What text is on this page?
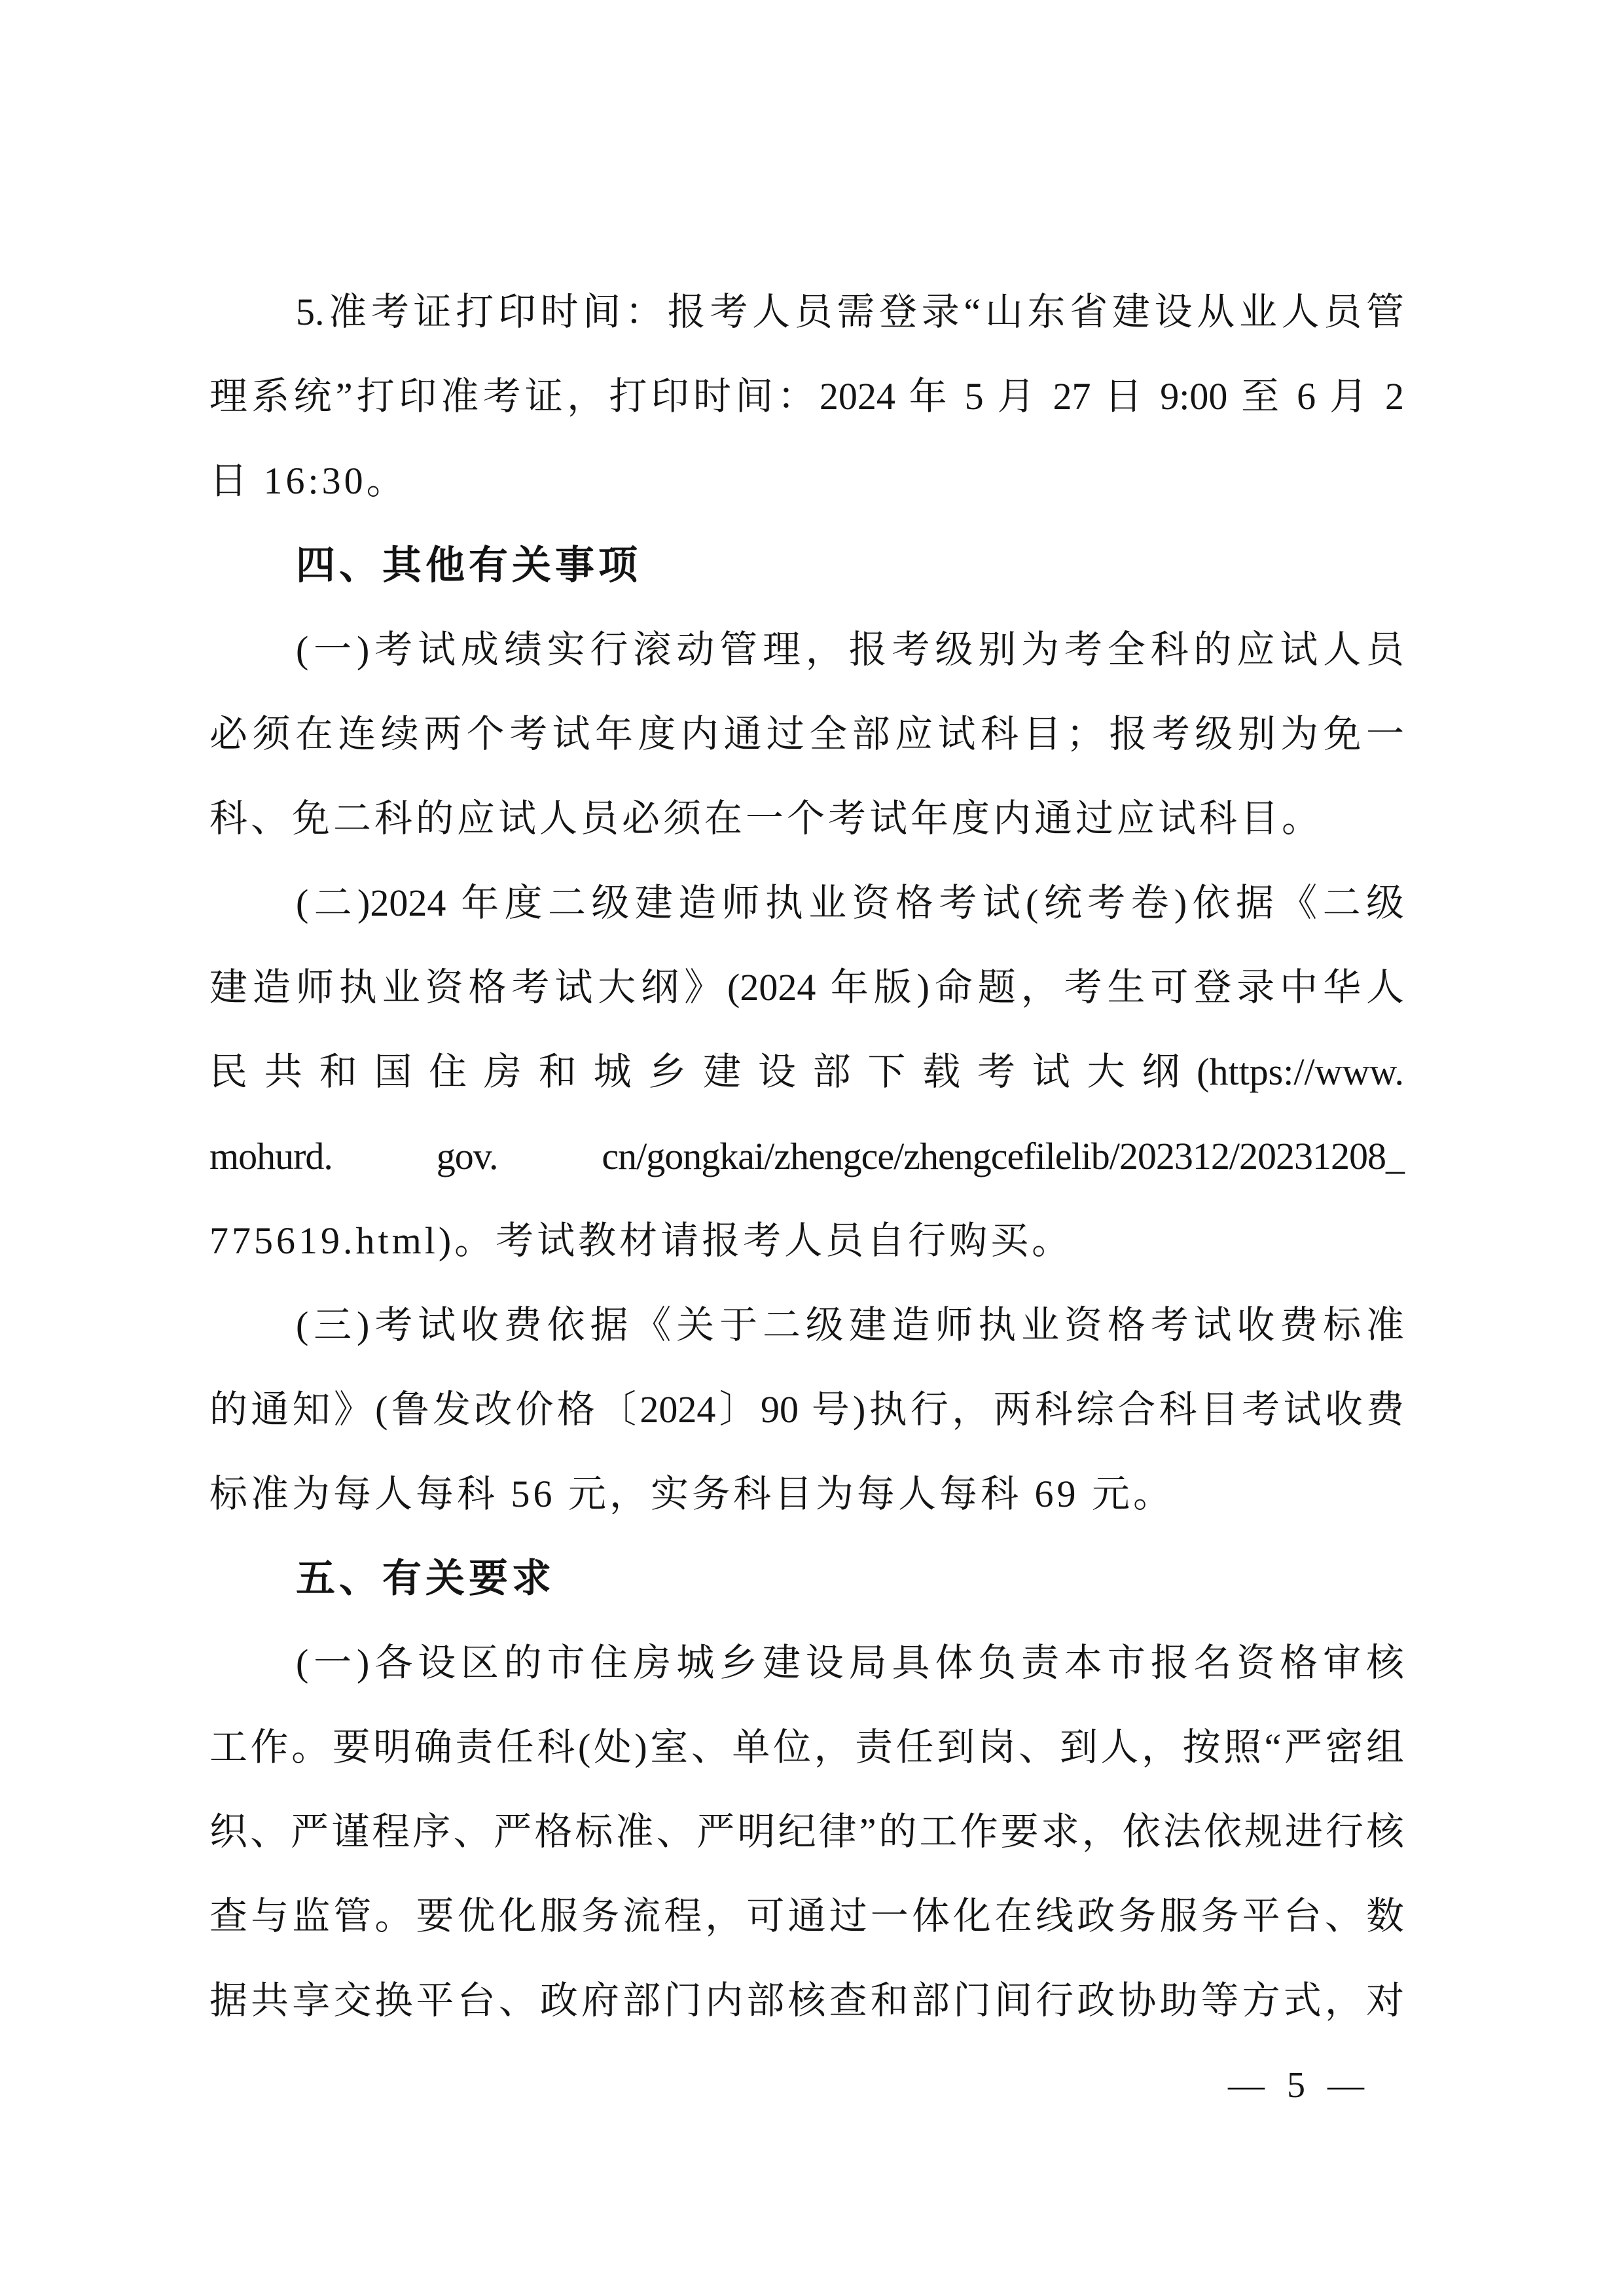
5.准考证打印时间：报考人员需登录“山东省建设从业人员管
理系统”打印准考证，打印时间：2024 年 5 月 27 日 9:00 至 6 月 2
日 16:30。
四、其他有关事项
(一)考试成绩实行滚动管理，报考级别为考全科的应试人员
必须在连续两个考试年度内通过全部应试科目；报考级别为免一
科、免二科的应试人员必须在一个考试年度内通过应试科目。
(二)2024 年度二级建造师执业资格考试(统考卷)依据《二级
建造师执业资格考试大纲》(2024 年版)命题，考生可登录中华人
民共和国住房和城乡建设部下载考试大纲(https://www.
mohurd. gov. cn/gongkai/zhengce/zhengcefilelib/202312/20231208_
775619.html)。考试教材请报考人员自行购买。
(三)考试收费依据《关于二级建造师执业资格考试收费标准
的通知》(鲁发改价格〔2024〕90 号)执行，两科综合科目考试收费
标准为每人每科 56 元，实务科目为每人每科 69 元。
五、有关要求
(一)各设区的市住房城乡建设局具体负责本市报名资格审核
工作。要明确责任科(处)室、单位，责任到岗、到人，按照“严密组
织、严谨程序、严格标准、严明纪律”的工作要求，依法依规进行核
查与监管。要优化服务流程，可通过一体化在线政务服务平台、数
据共享交换平台、政府部门内部核查和部门间行政协助等方式，对
— 5 —
